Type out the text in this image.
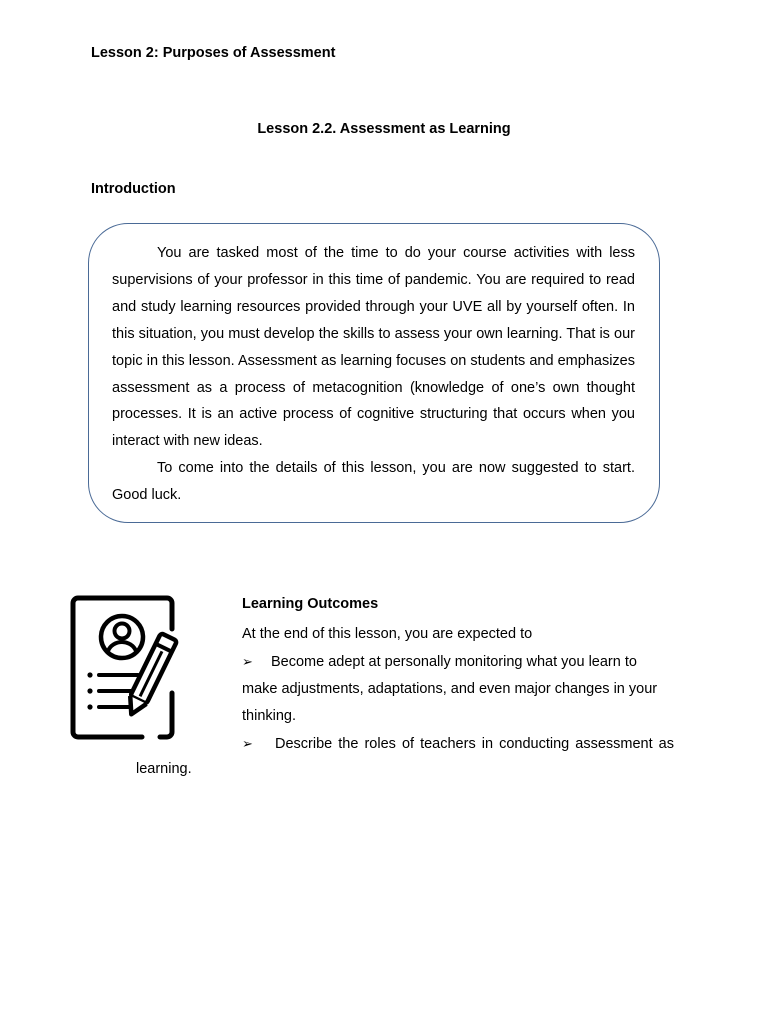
Lesson 2: Purposes of Assessment
Lesson 2.2. Assessment as Learning
Introduction

You are tasked most of the time to do your course activities with less supervisions of your professor in this time of pandemic. You are required to read and study learning resources provided through your UVE all by yourself often. In this situation, you must develop the skills to assess your own learning. That is our topic in this lesson. Assessment as learning focuses on students and emphasizes assessment as a process of metacognition (knowledge of one’s own thought processes. It is an active process of cognitive structuring that occurs when you interact with new ideas.

To come into the details of this lesson, you are now suggested to start. Good luck.

Learning Outcomes

At the end of this lesson, you are expected to

➢ Become adept at personally monitoring what you learn to make adjustments, adaptations, and even major changes in your thinking.

➢ Describe the roles of teachers in conducting assessment as

learning.
